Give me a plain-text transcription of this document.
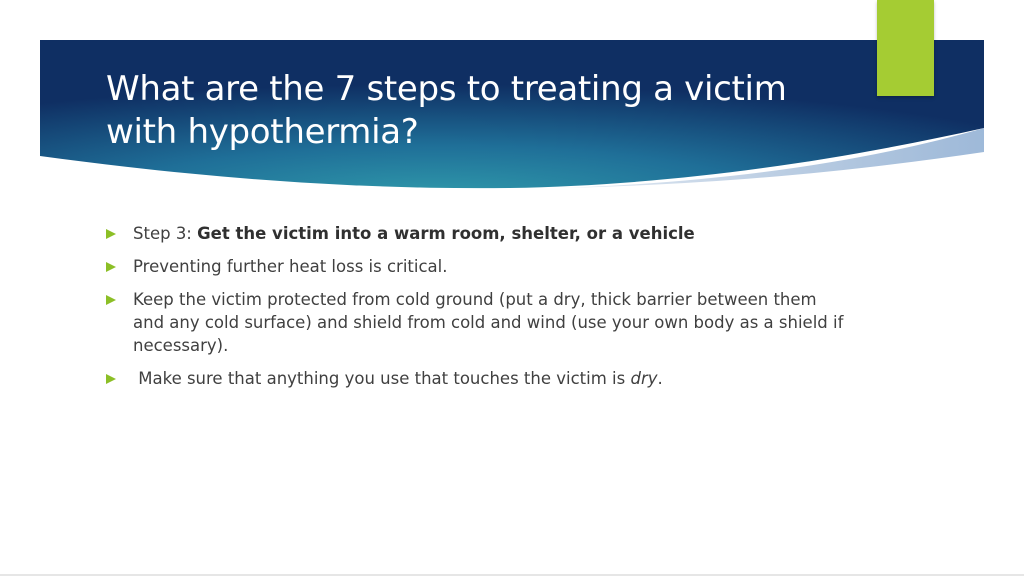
What are the 7 steps to treating a victim with hypothermia?
Step 3: Get the victim into a warm room, shelter, or a vehicle
Preventing further heat loss is critical.
Keep the victim protected from cold ground (put a dry, thick barrier between them and any cold surface) and shield from cold and wind (use your own body as a shield if necessary).
Make sure that anything you use that touches the victim is dry.
